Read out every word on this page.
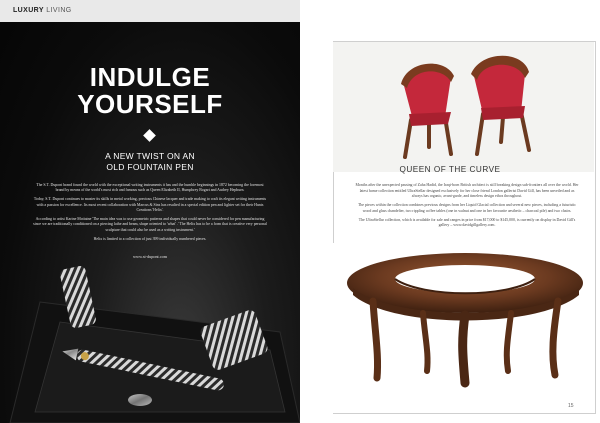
LUXURY LIVING
INDULGE
YOURSELF
A NEW TWIST ON AN
OLD FOUNTAIN PEN

The S.T. Dupont brand found the world with the exceptional writing instruments it has and the humble beginnings in 1872 becoming the foremost brand by means of the world's most rich and famous such as Queen Elizabeth II, Humphrey Bogart and Audrey Hepburn.

Today, S.T. Dupont continues to master its skills in metal working, precious Chinese lacquer and trade making to craft its elegant writing instruments with a passion for excellence. Its most recent collaboration with Marcus & Sins has resulted in a special edition pen and lighter set for their Hunts Creations 'Helix'.

According to artist Karine Mottaine 'The main idea was to use geometric patterns and shapes that could never be considered for pen manufacturing since we are traditionally conditioned on a piercing lathe and beam, shape oriented to 'what' .' The Helix has to be a form that is creative very personal sculpture that could also be used as a writing instrument.'

Helix is limited to a collection of just 399 individually numbered pieces.

www.st-dupont.com
QUEEN OF THE CURVE

Months after the unexpected passing of Zaha Hadid, the Iraqi-born British architect is still breaking design sub-frontiers all over the world. Her latest home collection entitled UltraStellar designed exclusively for her close friend London gallerist David Gill, has been unveiled and as always has organic, avant-garde, and timeless design ethos throughout.

The pieces within the collection combines previous designs from her Liquid Glacial collection and several new pieces, including a futuristic wood and glass chandelier, two rippling coffee tables (one in walnut and one in her favourite aesthetic – charcoal pile) and two chairs.

The UltraStellar collection, which is available for sale and ranges in price from $17,000 to $145,000, is currently on display in David Gill's gallery – www.davidgillgallery.com.

15
